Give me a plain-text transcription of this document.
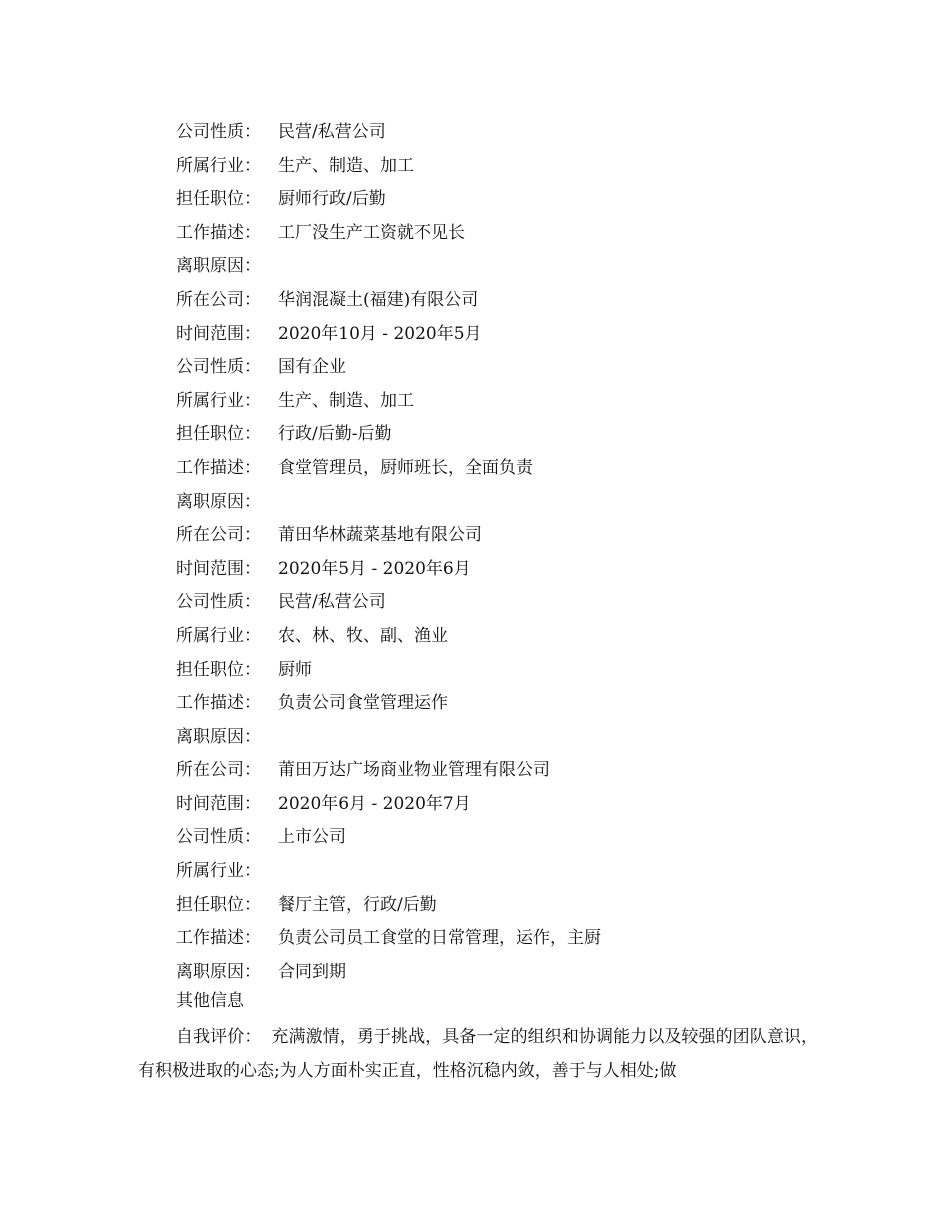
公司性质： 民营/私营公司
所属行业： 生产、制造、加工
担任职位： 厨师行政/后勤
工作描述： 工厂没生产工资就不见长
离职原因：
所在公司： 华润混凝土(福建)有限公司
时间范围： 2020年10月 - 2020年5月
公司性质： 国有企业
所属行业： 生产、制造、加工
担任职位： 行政/后勤-后勤
工作描述： 食堂管理员，厨师班长，全面负责
离职原因：
所在公司： 莆田华林蔬菜基地有限公司
时间范围： 2020年5月 - 2020年6月
公司性质： 民营/私营公司
所属行业： 农、林、牧、副、渔业
担任职位： 厨师
工作描述： 负责公司食堂管理运作
离职原因：
所在公司： 莆田万达广场商业物业管理有限公司
时间范围： 2020年6月 - 2020年7月
公司性质： 上市公司
所属行业：
担任职位： 餐厅主管，行政/后勤
工作描述： 负责公司员工食堂的日常管理，运作，主厨
离职原因： 合同到期
其他信息
自我评价： 充满激情，勇于挑战，具备一定的组织和协调能力以及较强的团队意识，有积极进取的心态;为人方面朴实正直，性格沉稳内敛，善于与人相处;做
